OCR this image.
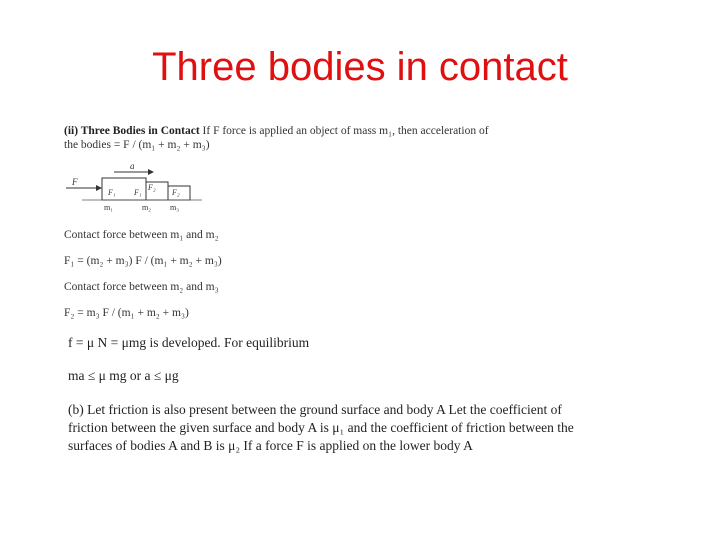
Three bodies in contact
(ii) Three Bodies in Contact If F force is applied an object of mass m₁, then acceleration of
the bodies = F / (m₁ + m₂ + m₃)
F
a
F₁ F₁
F₂
F₂
m₁	m₂ m₃
Contact force between m₁ and m₂
F₁ = (m₂ + m₃) F / (m₁ + m₂ + m₃)
Contact force between m₂ and m₃
F₂ = m₃ F / (m₁ + m₂ + m₃)
f = μ N = μmg is developed. For equilibrium
ma ≤ μ mg or a ≤ μg
(b) Let friction is also present between the ground surface and body A Let the coefficient of friction between the given surface and body A is μ₁ and the coefficient of friction between the surfaces of bodies A and B is μ₂ If a force F is applied on the lower body A
